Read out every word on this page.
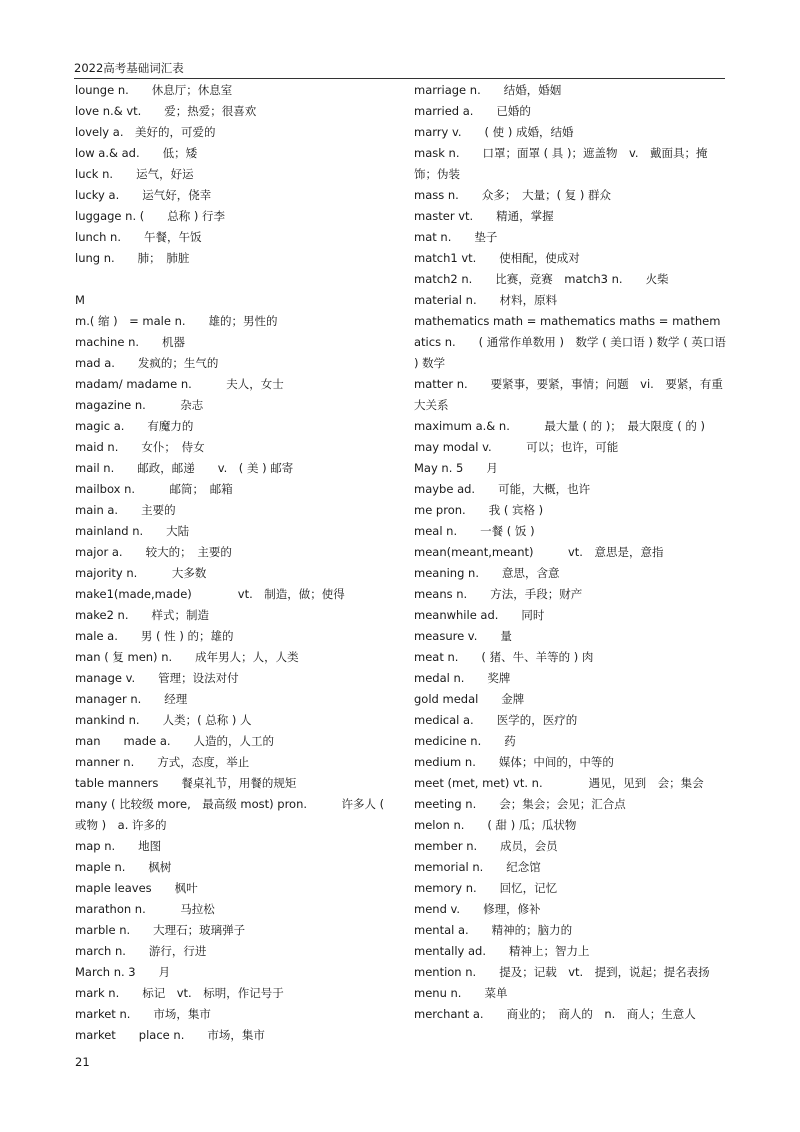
2022高考基础词汇表
lounge n.　　休息厅；休息室
love n.& vt.　　爱；热爱；很喜欢
lovely a.　美好的，可爱的
low a.& ad.　　低；矮
luck n.　　运气，好运
lucky a.　　运气好，侥幸
luggage n. (　　总称 ) 行李
lunch n.　　午餐，午饭
lung n.　　肺；　肺脏
M
m.( 缩 )　= male n.　　雄的；男性的
machine n.　　机器
mad a.　　发疯的；生气的
madam/ madame n.　　　夫人，女士
magazine n.　　　杂志
magic a.　　有魔力的
maid n.　　女仆；　侍女
mail n.　　邮政，邮递　　v.　( 美 ) 邮寄
mailbox n.　　　邮筒；　邮箱
main a.　　主要的
mainland n.　　大陆
major a.　　较大的；　主要的
majority n.　　　大多数
make1(made,made)　　　　vt.　制造，做；使得
make2 n.　　样式；制造
male a.　　男 ( 性 ) 的；雄的
man ( 复 men) n.　　成年男人；人，人类
manage v.　　管理；设法对付
manager n.　　经理
mankind n.　　人类；( 总称 ) 人
man　　made a.　　人造的，人工的
manner n.　　方式，态度，举止
table manners　　餐桌礼节，用餐的规矩
many ( 比较级 more,　最高级 most) pron.　　　许多人 ( 或物 )　a. 许多的
map n.　　地图
maple n.　　枫树
maple leaves　　枫叶
marathon n.　　　马拉松
marble n.　　大理石；玻璃弹子
march n.　　游行，行进
March n. 3　　月
mark n.　　标记　vt.　标明，作记号于
market n.　　市场，集市
market　　place n.　　市场，集市
marriage n.　　结婚，婚姻
married a.　　已婚的
marry v.　　( 使 ) 成婚，结婚
mask n.　　口罩；面罩 ( 具 )；遮盖物　v.　戴面具；掩饰；伪装
mass n.　　众多；　大量；( 复 ) 群众
master vt.　　精通，掌握
mat n.　　垫子
match1 vt.　　使相配，使成对
match2 n.　　比赛，竞赛　match3 n.　　火柴
material n.　　材料，原料
mathematics math = mathematics maths = mathematics n.　　( 通常作单数用 )　数学 ( 美口语 ) 数学 ( 英口语 ) 数学
matter n.　　要紧事，要紧，事情；问题　vi.　要紧，有重大关系
maximum a.& n.　　　最大量 ( 的 )；　最大限度 ( 的 )
may modal v.　　　可以；也许，可能
May n. 5　　月
maybe ad.　　可能，大概，也许
me pron.　　我 ( 宾格 )
meal n.　　一餐 ( 饭 )
mean(meant,meant)　　　vt.　意思是，意指
meaning n.　　意思，含意
means n.　　方法，手段；财产
meanwhile ad.　　同时
measure v.　　量
meat n.　　( 猪、牛、羊等的 ) 肉
medal n.　　奖牌
gold medal　　金牌
medical a.　　医学的，医疗的
medicine n.　　药
medium n.　　媒体；中间的，中等的
meet (met, met) vt. n.　　　　遇见，见到　会；集会
meeting n.　　会；集会；会见；汇合点
melon n.　　( 甜 ) 瓜；瓜状物
member n.　　成员，会员
memorial n.　　纪念馆
memory n.　　回忆，记忆
mend v.　　修理，修补
mental a.　　精神的；脑力的
mentally ad.　　精神上；智力上
mention n.　　提及；记载　vt.　提到，说起；提名表扬
menu n.　　菜单
merchant a.　　商业的；　商人的　n.　商人；生意人
21
